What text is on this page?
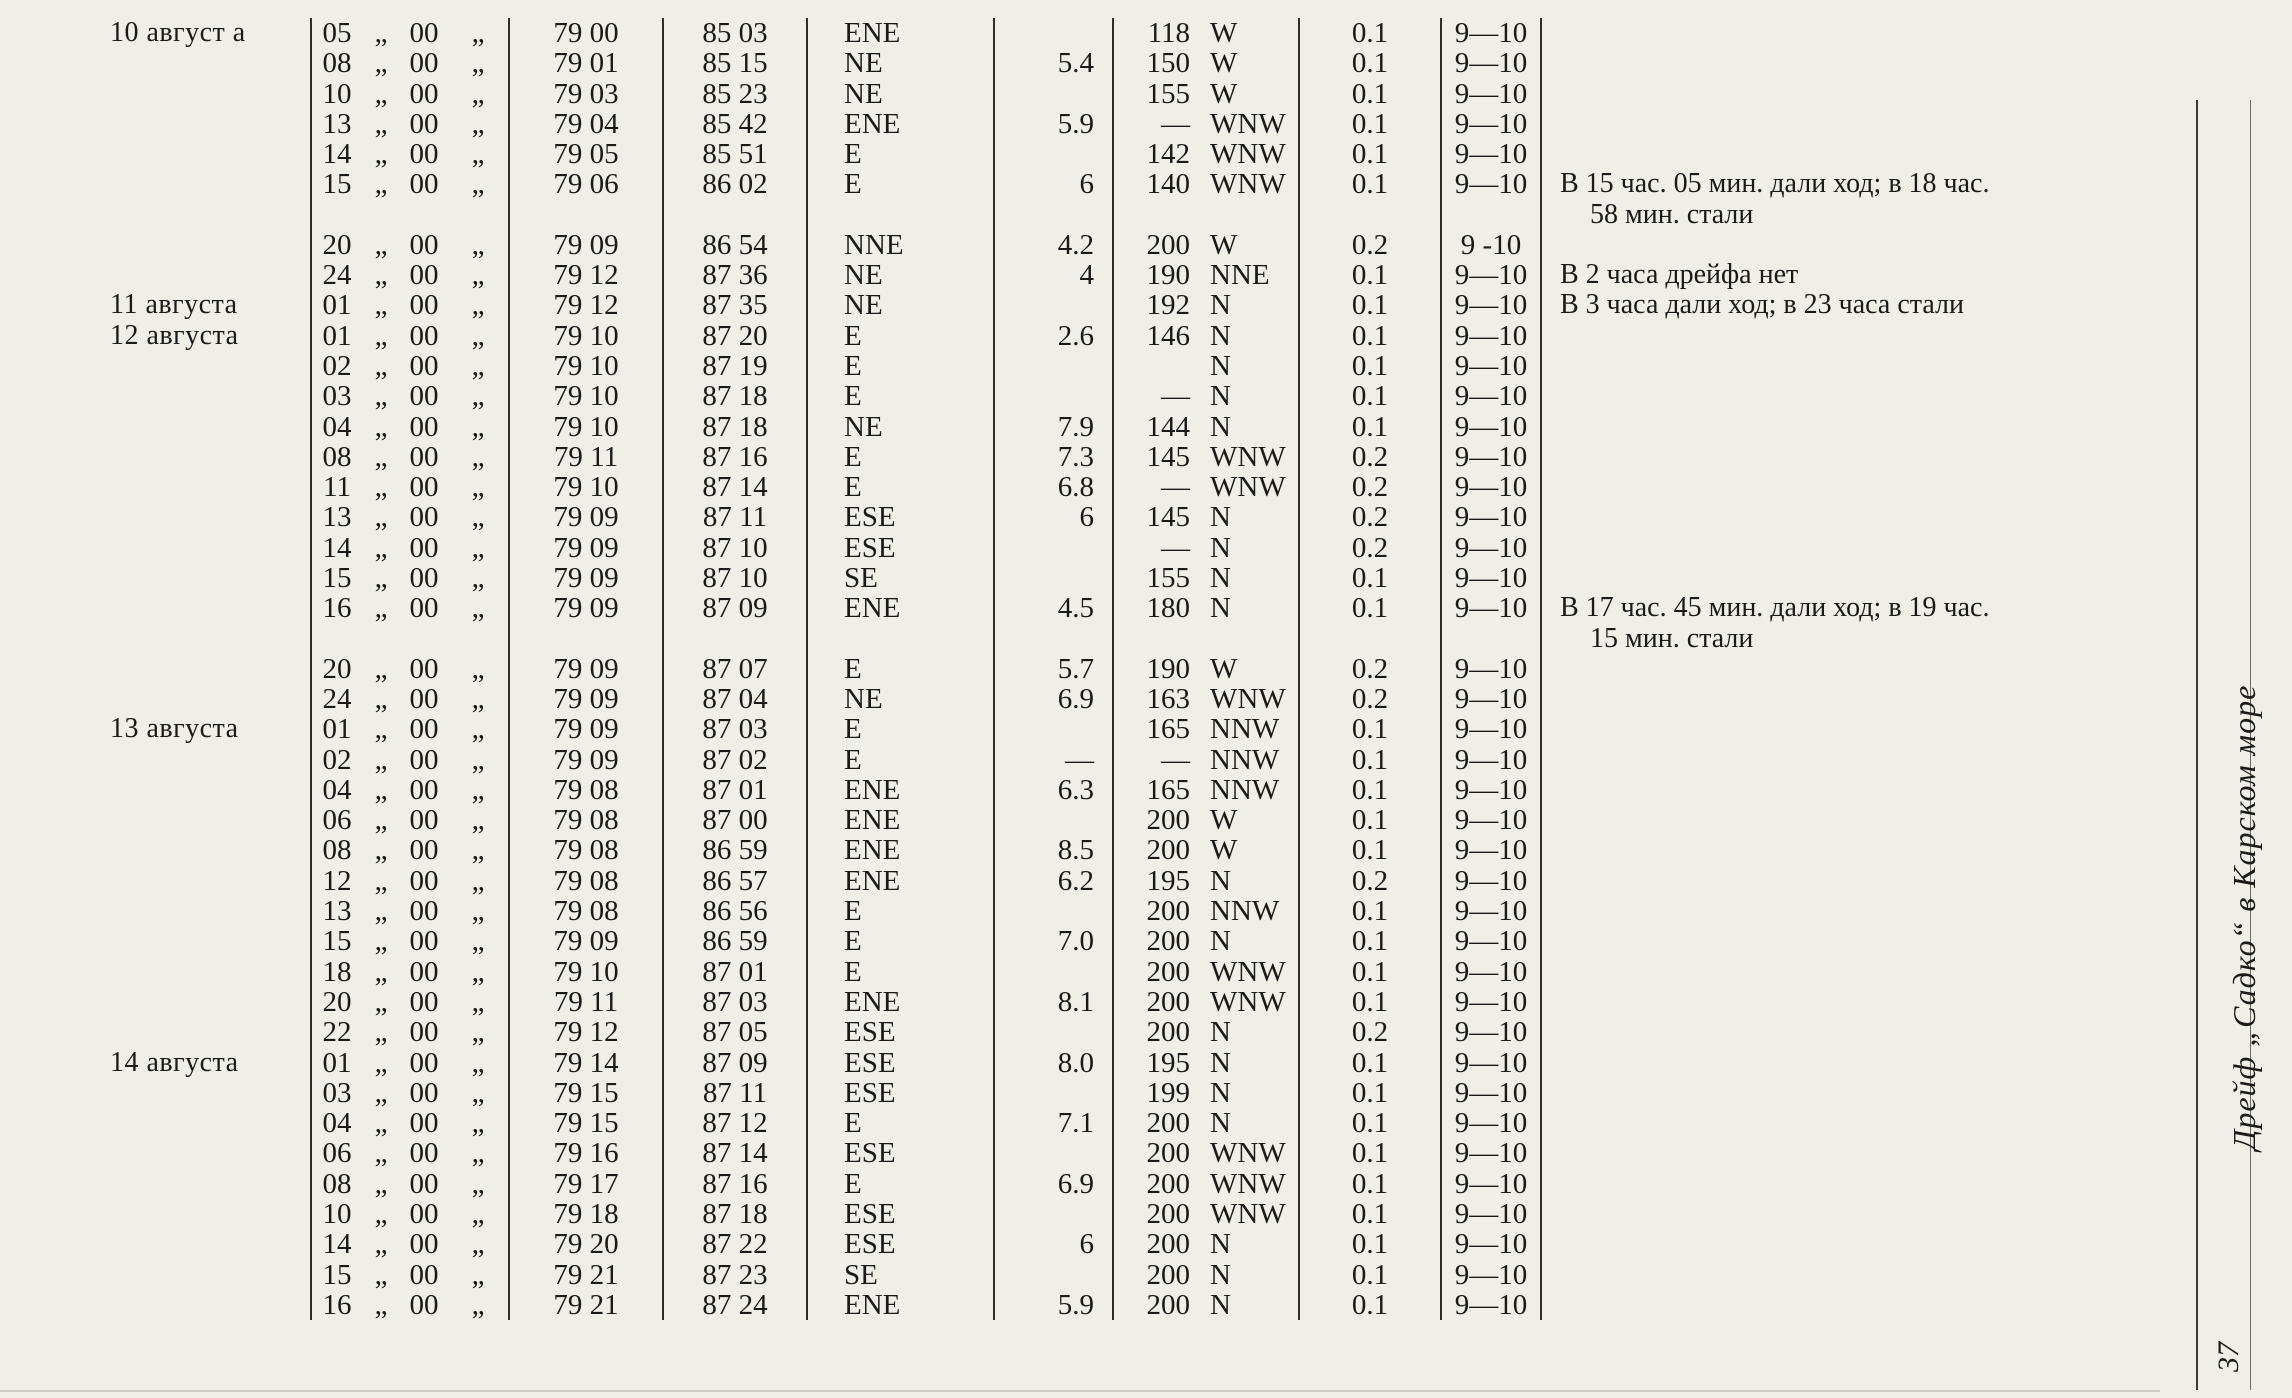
10 август а	05	„	00	„	79 00	85 03	ENE		118	W	0.1	9—10	
	08	„	00	„	79 01	85 15	NE	5.4	150	W	0.1	9—10	
	10	„	00	„	79 03	85 23	NE		155	W	0.1	9—10	
	13	„	00	„	79 04	85 42	ENE	5.9	—	WNW	0.1	9—10	
	14	„	00	„	79 05	85 51	E		142	WNW	0.1	9—10	
	15	„	00	„	79 06	86 02	E	6	140	WNW	0.1	9—10	В 15 час. 05 мин. дали ход; в 18 час.
													58 мин. стали
	20	„	00	„	79 09	86 54	NNE	4.2	200	W	0.2	9 -10	
	24	„	00	„	79 12	87 36	NE	4	190	NNE	0.1	9—10	В 2 часа дрейфа нет
11 августа	01	„	00	„	79 12	87 35	NE		192	N	0.1	9—10	В 3 часа дали ход; в 23 часа стали
12 августа	01	„	00	„	79 10	87 20	E	2.6	146	N	0.1	9—10	
	02	„	00	„	79 10	87 19	E			N	0.1	9—10	
	03	„	00	„	79 10	87 18	E		—	N	0.1	9—10	
	04	„	00	„	79 10	87 18	NE	7.9	144	N	0.1	9—10	
	08	„	00	„	79 11	87 16	E	7.3	145	WNW	0.2	9—10	
	11	„	00	„	79 10	87 14	E	6.8	—	WNW	0.2	9—10	
	13	„	00	„	79 09	87 11	ESE	6	145	N	0.2	9—10	
	14	„	00	„	79 09	87 10	ESE		—	N	0.2	9—10	
	15	„	00	„	79 09	87 10	SE		155	N	0.1	9—10	
	16	„	00	„	79 09	87 09	ENE	4.5	180	N	0.1	9—10	В 17 час. 45 мин. дали ход; в 19 час.
													15 мин. стали
	20	„	00	„	79 09	87 07	E	5.7	190	W	0.2	9—10	
	24	„	00	„	79 09	87 04	NE	6.9	163	WNW	0.2	9—10	
13 августа	01	„	00	„	79 09	87 03	E		165	NNW	0.1	9—10	
	02	„	00	„	79 09	87 02	E	—	—	NNW	0.1	9—10	
	04	„	00	„	79 08	87 01	ENE	6.3	165	NNW	0.1	9—10	
	06	„	00	„	79 08	87 00	ENE		200	W	0.1	9—10	
	08	„	00	„	79 08	86 59	ENE	8.5	200	W	0.1	9—10	
	12	„	00	„	79 08	86 57	ENE	6.2	195	N	0.2	9—10	
	13	„	00	„	79 08	86 56	E		200	NNW	0.1	9—10	
	15	„	00	„	79 09	86 59	E	7.0	200	N	0.1	9—10	
	18	„	00	„	79 10	87 01	E		200	WNW	0.1	9—10	
	20	„	00	„	79 11	87 03	ENE	8.1	200	WNW	0.1	9—10	
	22	„	00	„	79 12	87 05	ESE		200	N	0.2	9—10	
14 августа	01	„	00	„	79 14	87 09	ESE	8.0	195	N	0.1	9—10	
	03	„	00	„	79 15	87 11	ESE		199	N	0.1	9—10	
	04	„	00	„	79 15	87 12	E	7.1	200	N	0.1	9—10	
	06	„	00	„	79 16	87 14	ESE		200	WNW	0.1	9—10	
	08	„	00	„	79 17	87 16	E	6.9	200	WNW	0.1	9—10	
	10	„	00	„	79 18	87 18	ESE		200	WNW	0.1	9—10	
	14	„	00	„	79 20	87 22	ESE	6	200	N	0.1	9—10	
	15	„	00	„	79 21	87 23	SE		200	N	0.1	9—10	
	16	„	00	„	79 21	87 24	ENE	5.9	200	N	0.1	9—10	
Дрейф „Садко“ в Карском море
37
